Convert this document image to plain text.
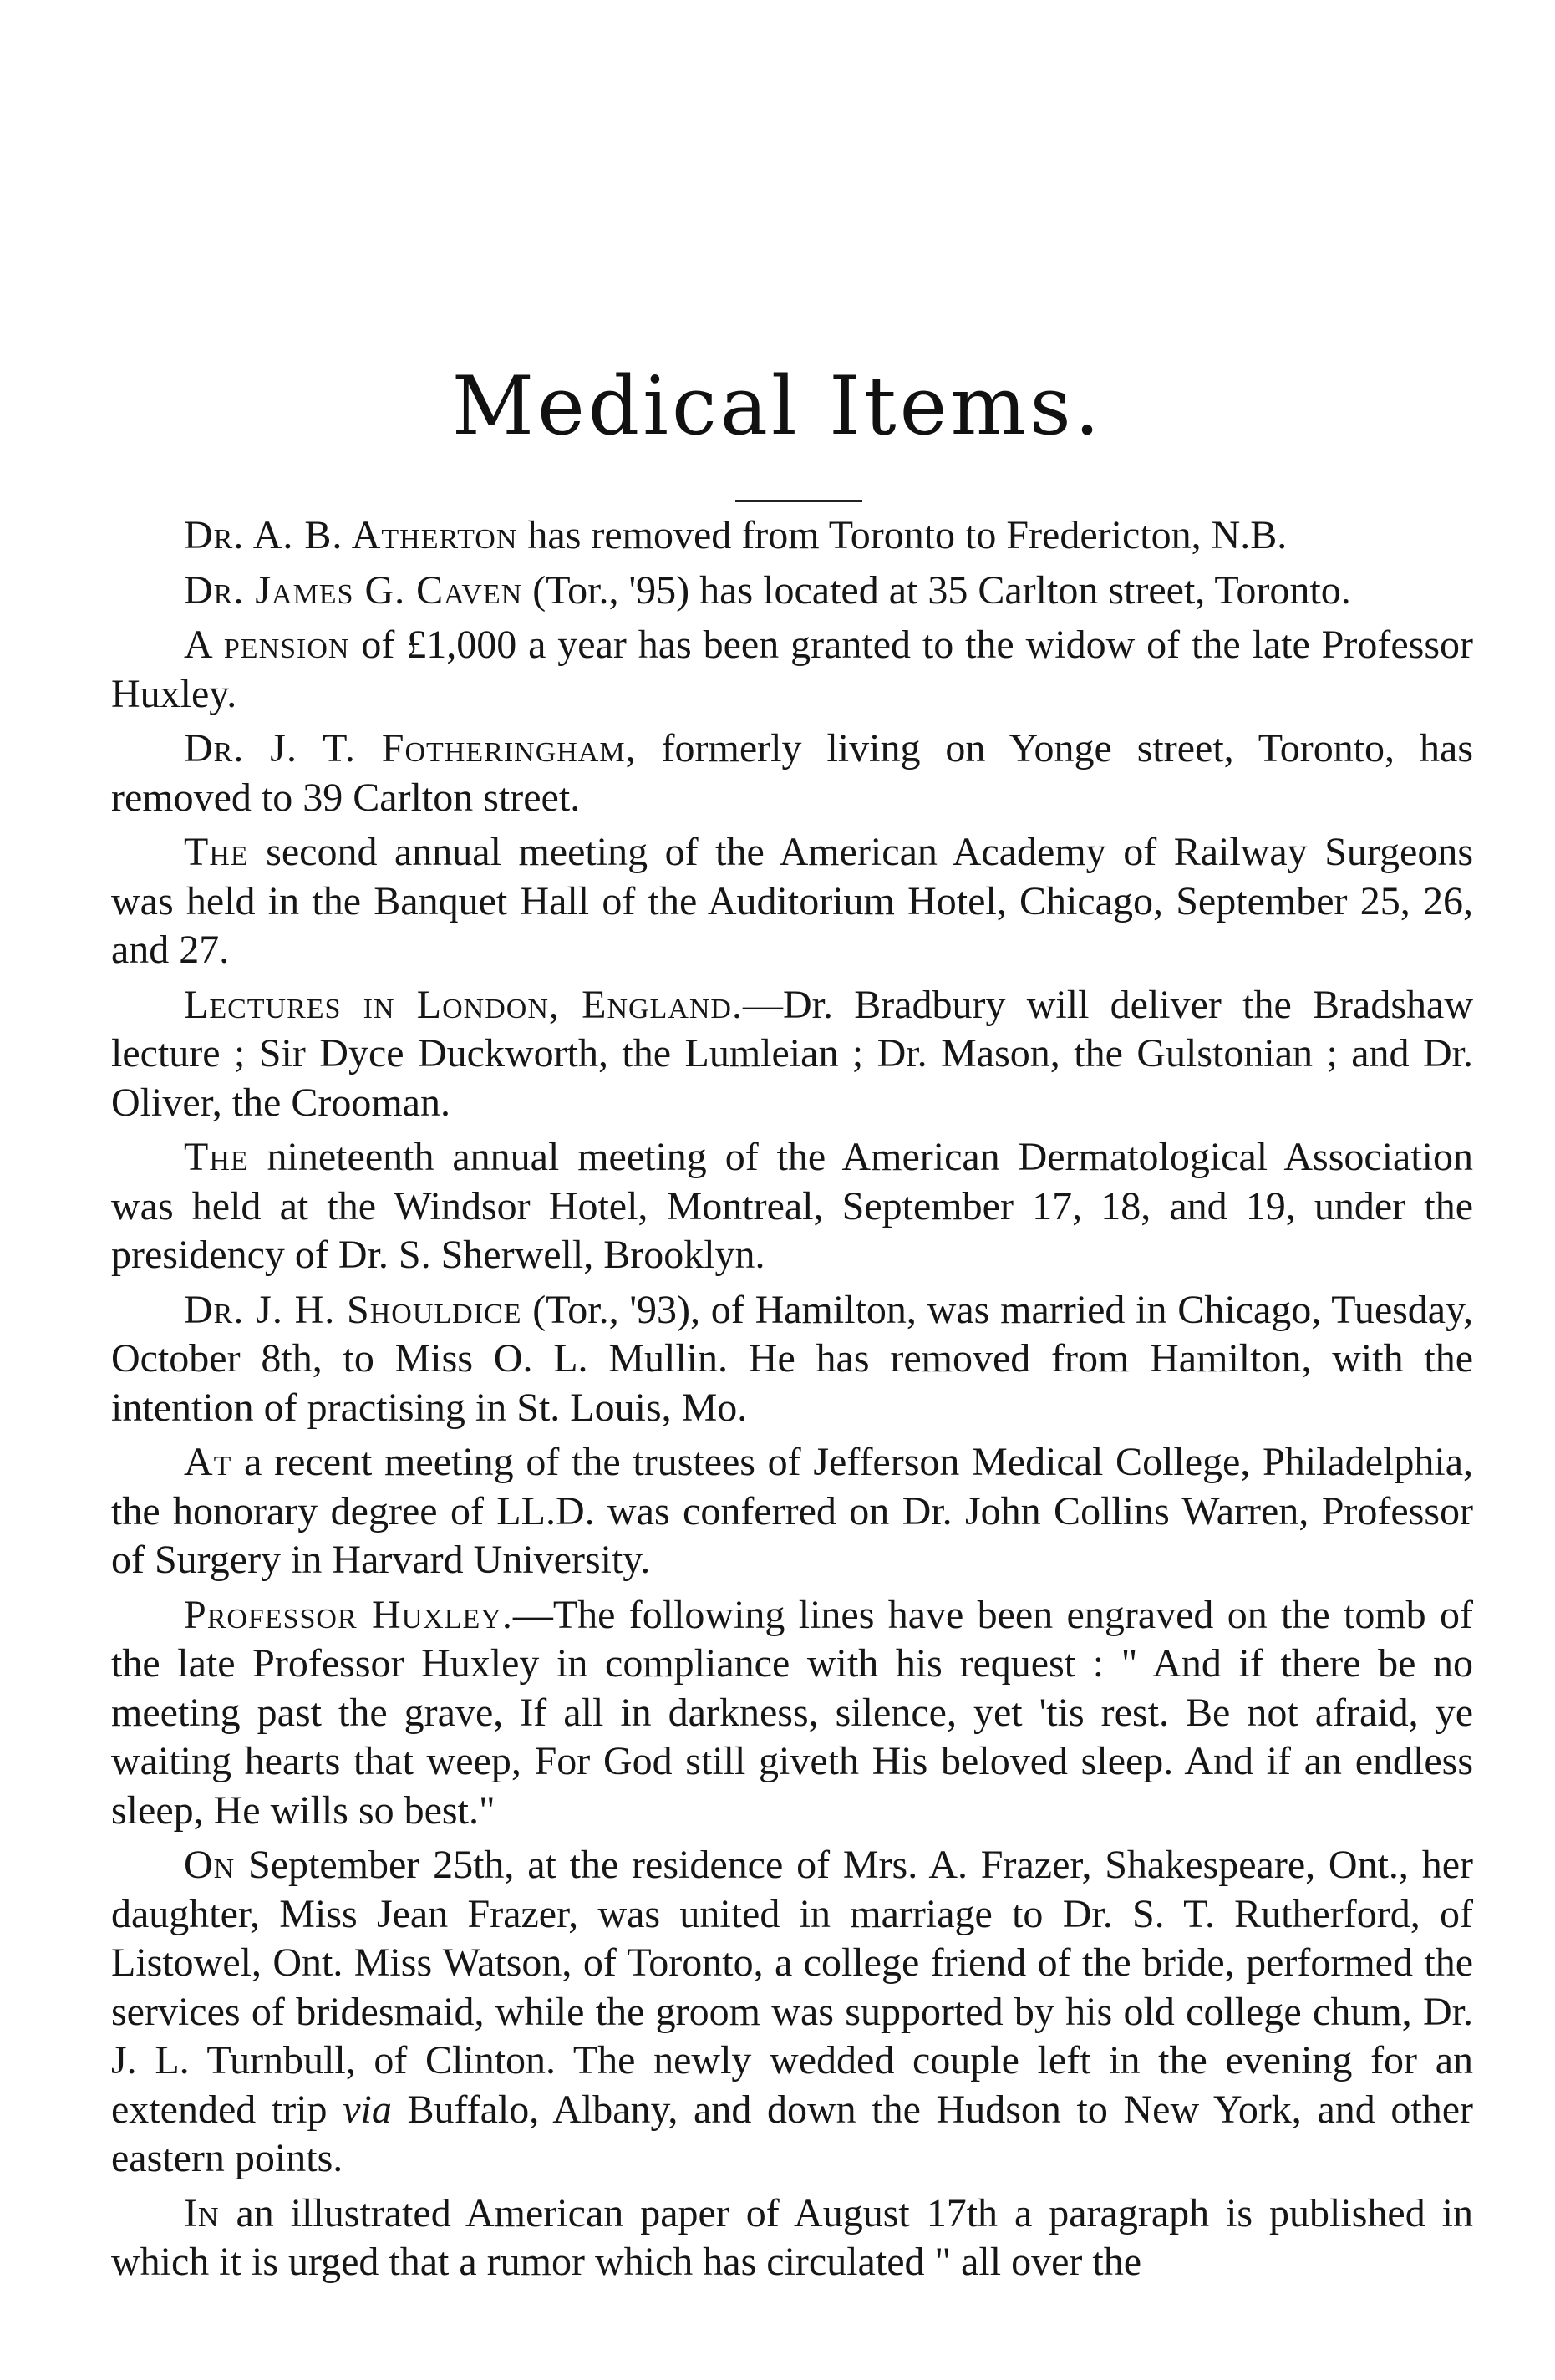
Medical Items.

Dr. A. B. Atherton has removed from Toronto to Fredericton, N.B.

Dr. James G. Caven (Tor., '95) has located at 35 Carlton street, Toronto.

A pension of £1,000 a year has been granted to the widow of the late Professor Huxley.

Dr. J. T. Fotheringham, formerly living on Yonge street, Toronto, has removed to 39 Carlton street.

The second annual meeting of the American Academy of Railway Surgeons was held in the Banquet Hall of the Auditorium Hotel, Chicago, September 25, 26, and 27.

Lectures in London, England.—Dr. Bradbury will deliver the Bradshaw lecture ; Sir Dyce Duckworth, the Lumleian ; Dr. Mason, the Gulstonian ; and Dr. Oliver, the Crooman.

The nineteenth annual meeting of the American Dermatological Association was held at the Windsor Hotel, Montreal, September 17, 18, and 19, under the presidency of Dr. S. Sherwell, Brooklyn.

Dr. J. H. Shouldice (Tor., '93), of Hamilton, was married in Chicago, Tuesday, October 8th, to Miss O. L. Mullin. He has removed from Hamilton, with the intention of practising in St. Louis, Mo.

At a recent meeting of the trustees of Jefferson Medical College, Philadelphia, the honorary degree of LL.D. was conferred on Dr. John Collins Warren, Professor of Surgery in Harvard University.

Professor Huxley.—The following lines have been engraved on the tomb of the late Professor Huxley in compliance with his request : " And if there be no meeting past the grave, If all in darkness, silence, yet 'tis rest. Be not afraid, ye waiting hearts that weep, For God still giveth His beloved sleep. And if an endless sleep, He wills so best."

On September 25th, at the residence of Mrs. A. Frazer, Shakespeare, Ont., her daughter, Miss Jean Frazer, was united in marriage to Dr. S. T. Rutherford, of Listowel, Ont. Miss Watson, of Toronto, a college friend of the bride, performed the services of bridesmaid, while the groom was supported by his old college chum, Dr. J. L. Turnbull, of Clinton. The newly wedded couple left in the evening for an extended trip via Buffalo, Albany, and down the Hudson to New York, and other eastern points.

In an illustrated American paper of August 17th a paragraph is published in which it is urged that a rumor which has circulated " all over the
